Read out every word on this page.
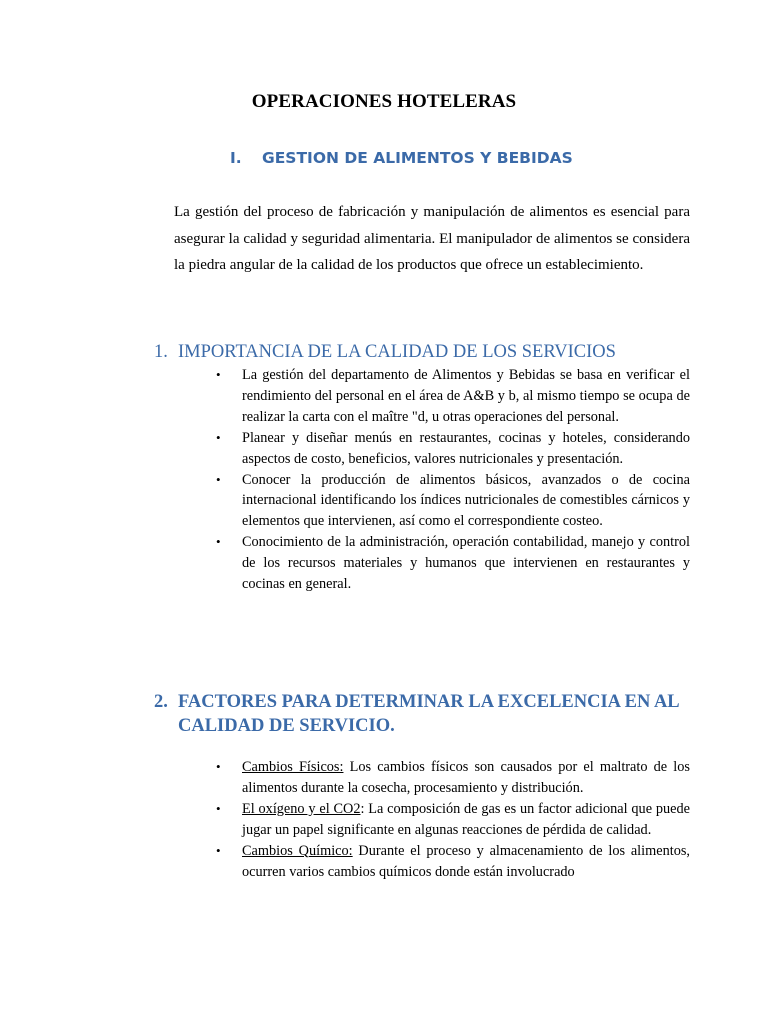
OPERACIONES HOTELERAS
I. GESTION DE ALIMENTOS Y BEBIDAS

La gestión del proceso de fabricación y manipulación de alimentos es esencial para asegurar la calidad y seguridad alimentaria. El manipulador de alimentos se considera la piedra angular de la calidad de los productos que ofrece un establecimiento.

1. IMPORTANCIA DE LA CALIDAD DE LOS SERVICIOS
• La gestión del departamento de Alimentos y Bebidas se basa en verificar el rendimiento del personal en el área de A&B y b, al mismo tiempo se ocupa de realizar la carta con el maître "d, u otras operaciones del personal.
• Planear y diseñar menús en restaurantes, cocinas y hoteles, considerando aspectos de costo, beneficios, valores nutricionales y presentación.
• Conocer la producción de alimentos básicos, avanzados o de cocina internacional identificando los índices nutricionales de comestibles cárnicos y elementos que intervienen, así como el correspondiente costeo.
• Conocimiento de la administración, operación contabilidad, manejo y control de los recursos materiales y humanos que intervienen en restaurantes y cocinas en general.
2. FACTORES PARA DETERMINAR LA EXCELENCIA EN AL
CALIDAD DE SERVICIO.
• Cambios Físicos: Los cambios físicos son causados por el maltrato de los alimentos durante la cosecha, procesamiento y distribución.
• El oxígeno y el CO2: La composición de gas es un factor adicional que puede jugar un papel significante en algunas reacciones de pérdida de calidad.
• Cambios Químico: Durante el proceso y almacenamiento de los alimentos, ocurren varios cambios químicos donde están involucrado
